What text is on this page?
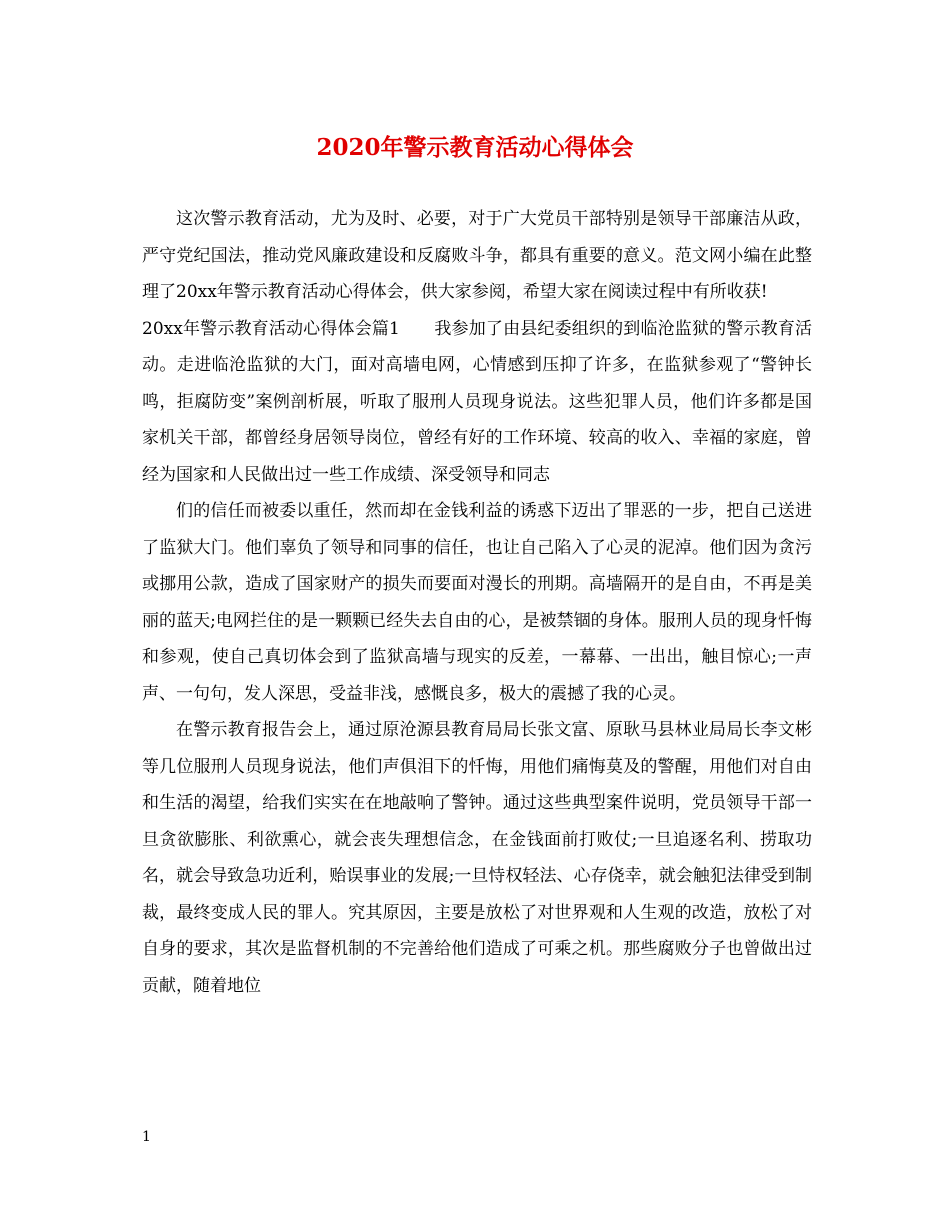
2020年警示教育活动心得体会

这次警示教育活动，尤为及时、必要，对于广大党员干部特别是领导干部廉洁从政，严守党纪国法，推动党风廉政建设和反腐败斗争，都具有重要的意义。范文网小编在此整理了20xx年警示教育活动心得体会，供大家参阅，希望大家在阅读过程中有所收获!

20xx年警示教育活动心得体会篇1　　我参加了由县纪委组织的到临沧监狱的警示教育活动。走进临沧监狱的大门，面对高墙电网，心情感到压抑了许多，在监狱参观了“警钟长鸣，拒腐防变”案例剖析展，听取了服刑人员现身说法。这些犯罪人员，他们许多都是国家机关干部，都曾经身居领导岗位，曾经有好的工作环境、较高的收入、幸福的家庭，曾经为国家和人民做出过一些工作成绩、深受领导和同志

们的信任而被委以重任，然而却在金钱利益的诱惑下迈出了罪恶的一步，把自己送进了监狱大门。他们辜负了领导和同事的信任，也让自己陷入了心灵的泥淖。他们因为贪污或挪用公款，造成了国家财产的损失而要面对漫长的刑期。高墙隔开的是自由，不再是美丽的蓝天;电网拦住的是一颗颗已经失去自由的心，是被禁锢的身体。服刑人员的现身忏悔和参观，使自己真切体会到了监狱高墙与现实的反差，一幕幕、一出出，触目惊心;一声声、一句句，发人深思，受益非浅，感慨良多，极大的震撼了我的心灵。

在警示教育报告会上，通过原沧源县教育局局长张文富、原耿马县林业局局长李文彬等几位服刑人员现身说法，他们声俱泪下的忏悔，用他们痛悔莫及的警醒，用他们对自由和生活的渴望，给我们实实在在地敲响了警钟。通过这些典型案件说明，党员领导干部一旦贪欲膨胀、利欲熏心，就会丧失理想信念，在金钱面前打败仗;一旦追逐名利、捞取功名，就会导致急功近利，贻误事业的发展;一旦恃权轻法、心存侥幸，就会触犯法律受到制裁，最终变成人民的罪人。究其原因，主要是放松了对世界观和人生观的改造，放松了对自身的要求，其次是监督机制的不完善给他们造成了可乘之机。那些腐败分子也曾做出过贡献，随着地位

1
